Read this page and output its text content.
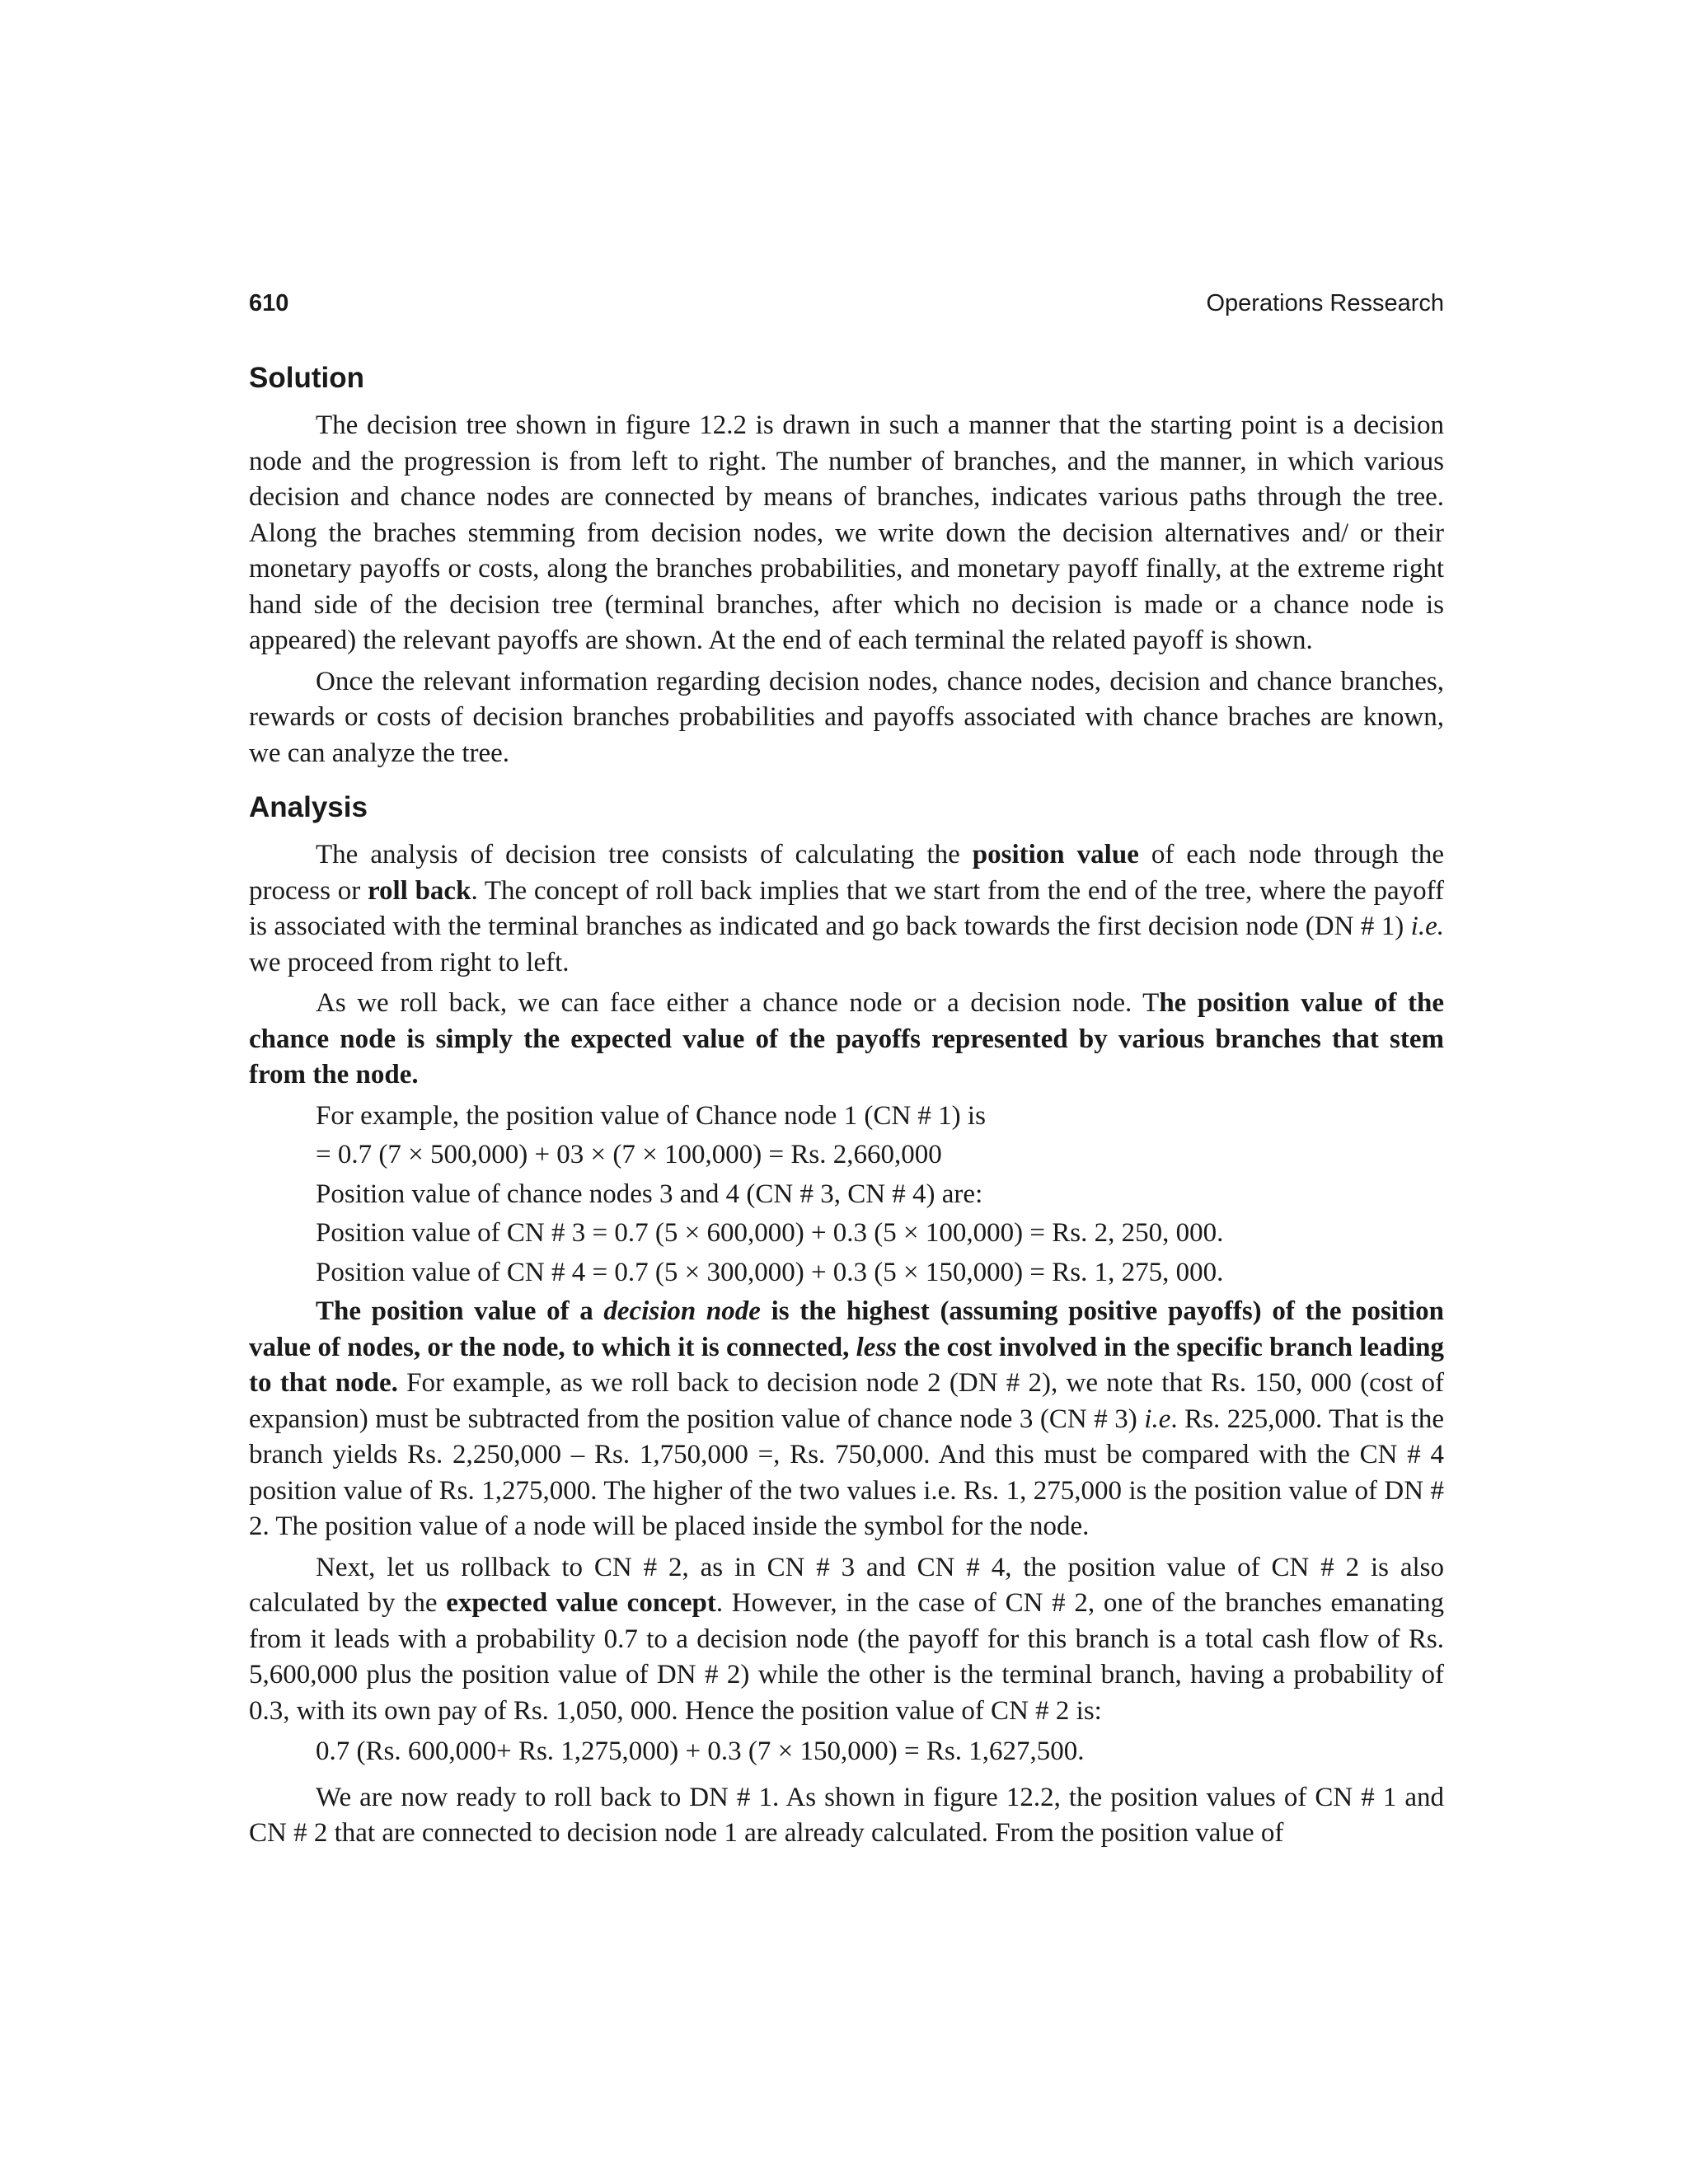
610	Operations Ressearch
Solution

The decision tree shown in figure 12.2 is drawn in such a manner that the starting point is a decision node and the progression is from left to right. The number of branches, and the manner, in which various decision and chance nodes are connected by means of branches, indicates various paths through the tree. Along the braches stemming from decision nodes, we write down the decision alternatives and/ or their monetary payoffs or costs, along the branches probabilities, and monetary payoff finally, at the extreme right hand side of the decision tree (terminal branches, after which no decision is made or a chance node is appeared) the relevant payoffs are shown. At the end of each terminal the related payoff is shown.

Once the relevant information regarding decision nodes, chance nodes, decision and chance branches, rewards or costs of decision branches probabilities and payoffs associated with chance braches are known, we can analyze the tree.

Analysis

The analysis of decision tree consists of calculating the position value of each node through the process or roll back. The concept of roll back implies that we start from the end of the tree, where the payoff is associated with the terminal branches as indicated and go back towards the first decision node (DN # 1) i.e. we proceed from right to left.

As we roll back, we can face either a chance node or a decision node. The position value of the chance node is simply the expected value of the payoffs represented by various branches that stem from the node.

For example, the position value of Chance node 1 (CN # 1) is
= 0.7 (7 × 500,000) + 03 × (7 × 100,000) = Rs. 2,660,000
Position value of chance nodes 3 and 4 (CN # 3, CN # 4) are:
Position value of CN # 3 = 0.7 (5 × 600,000) + 0.3 (5 × 100,000) = Rs. 2, 250, 000.
Position value of CN # 4 = 0.7 (5 × 300,000) + 0.3 (5 × 150,000) = Rs. 1, 275, 000.

The position value of a decision node is the highest (assuming positive payoffs) of the position value of nodes, or the node, to which it is connected, less the cost involved in the specific branch leading to that node. For example, as we roll back to decision node 2 (DN # 2), we note that Rs. 150, 000 (cost of expansion) must be subtracted from the position value of chance node 3 (CN # 3) i.e. Rs. 225,000. That is the branch yields Rs. 2,250,000 – Rs. 1,750,000 =, Rs. 750,000. And this must be compared with the CN # 4 position value of Rs. 1,275,000. The higher of the two values i.e. Rs. 1, 275,000 is the position value of DN # 2. The position value of a node will be placed inside the symbol for the node.

Next, let us rollback to CN # 2, as in CN # 3 and CN # 4, the position value of CN # 2 is also calculated by the expected value concept. However, in the case of CN # 2, one of the branches emanating from it leads with a probability 0.7 to a decision node (the payoff for this branch is a total cash flow of Rs. 5,600,000 plus the position value of DN # 2) while the other is the terminal branch, having a probability of 0.3, with its own pay of Rs. 1,050, 000. Hence the position value of CN # 2 is:

0.7 (Rs. 600,000+ Rs. 1,275,000) + 0.3 (7 × 150,000) = Rs. 1,627,500.

We are now ready to roll back to DN # 1. As shown in figure 12.2, the position values of CN # 1 and CN # 2 that are connected to decision node 1 are already calculated. From the position value of
